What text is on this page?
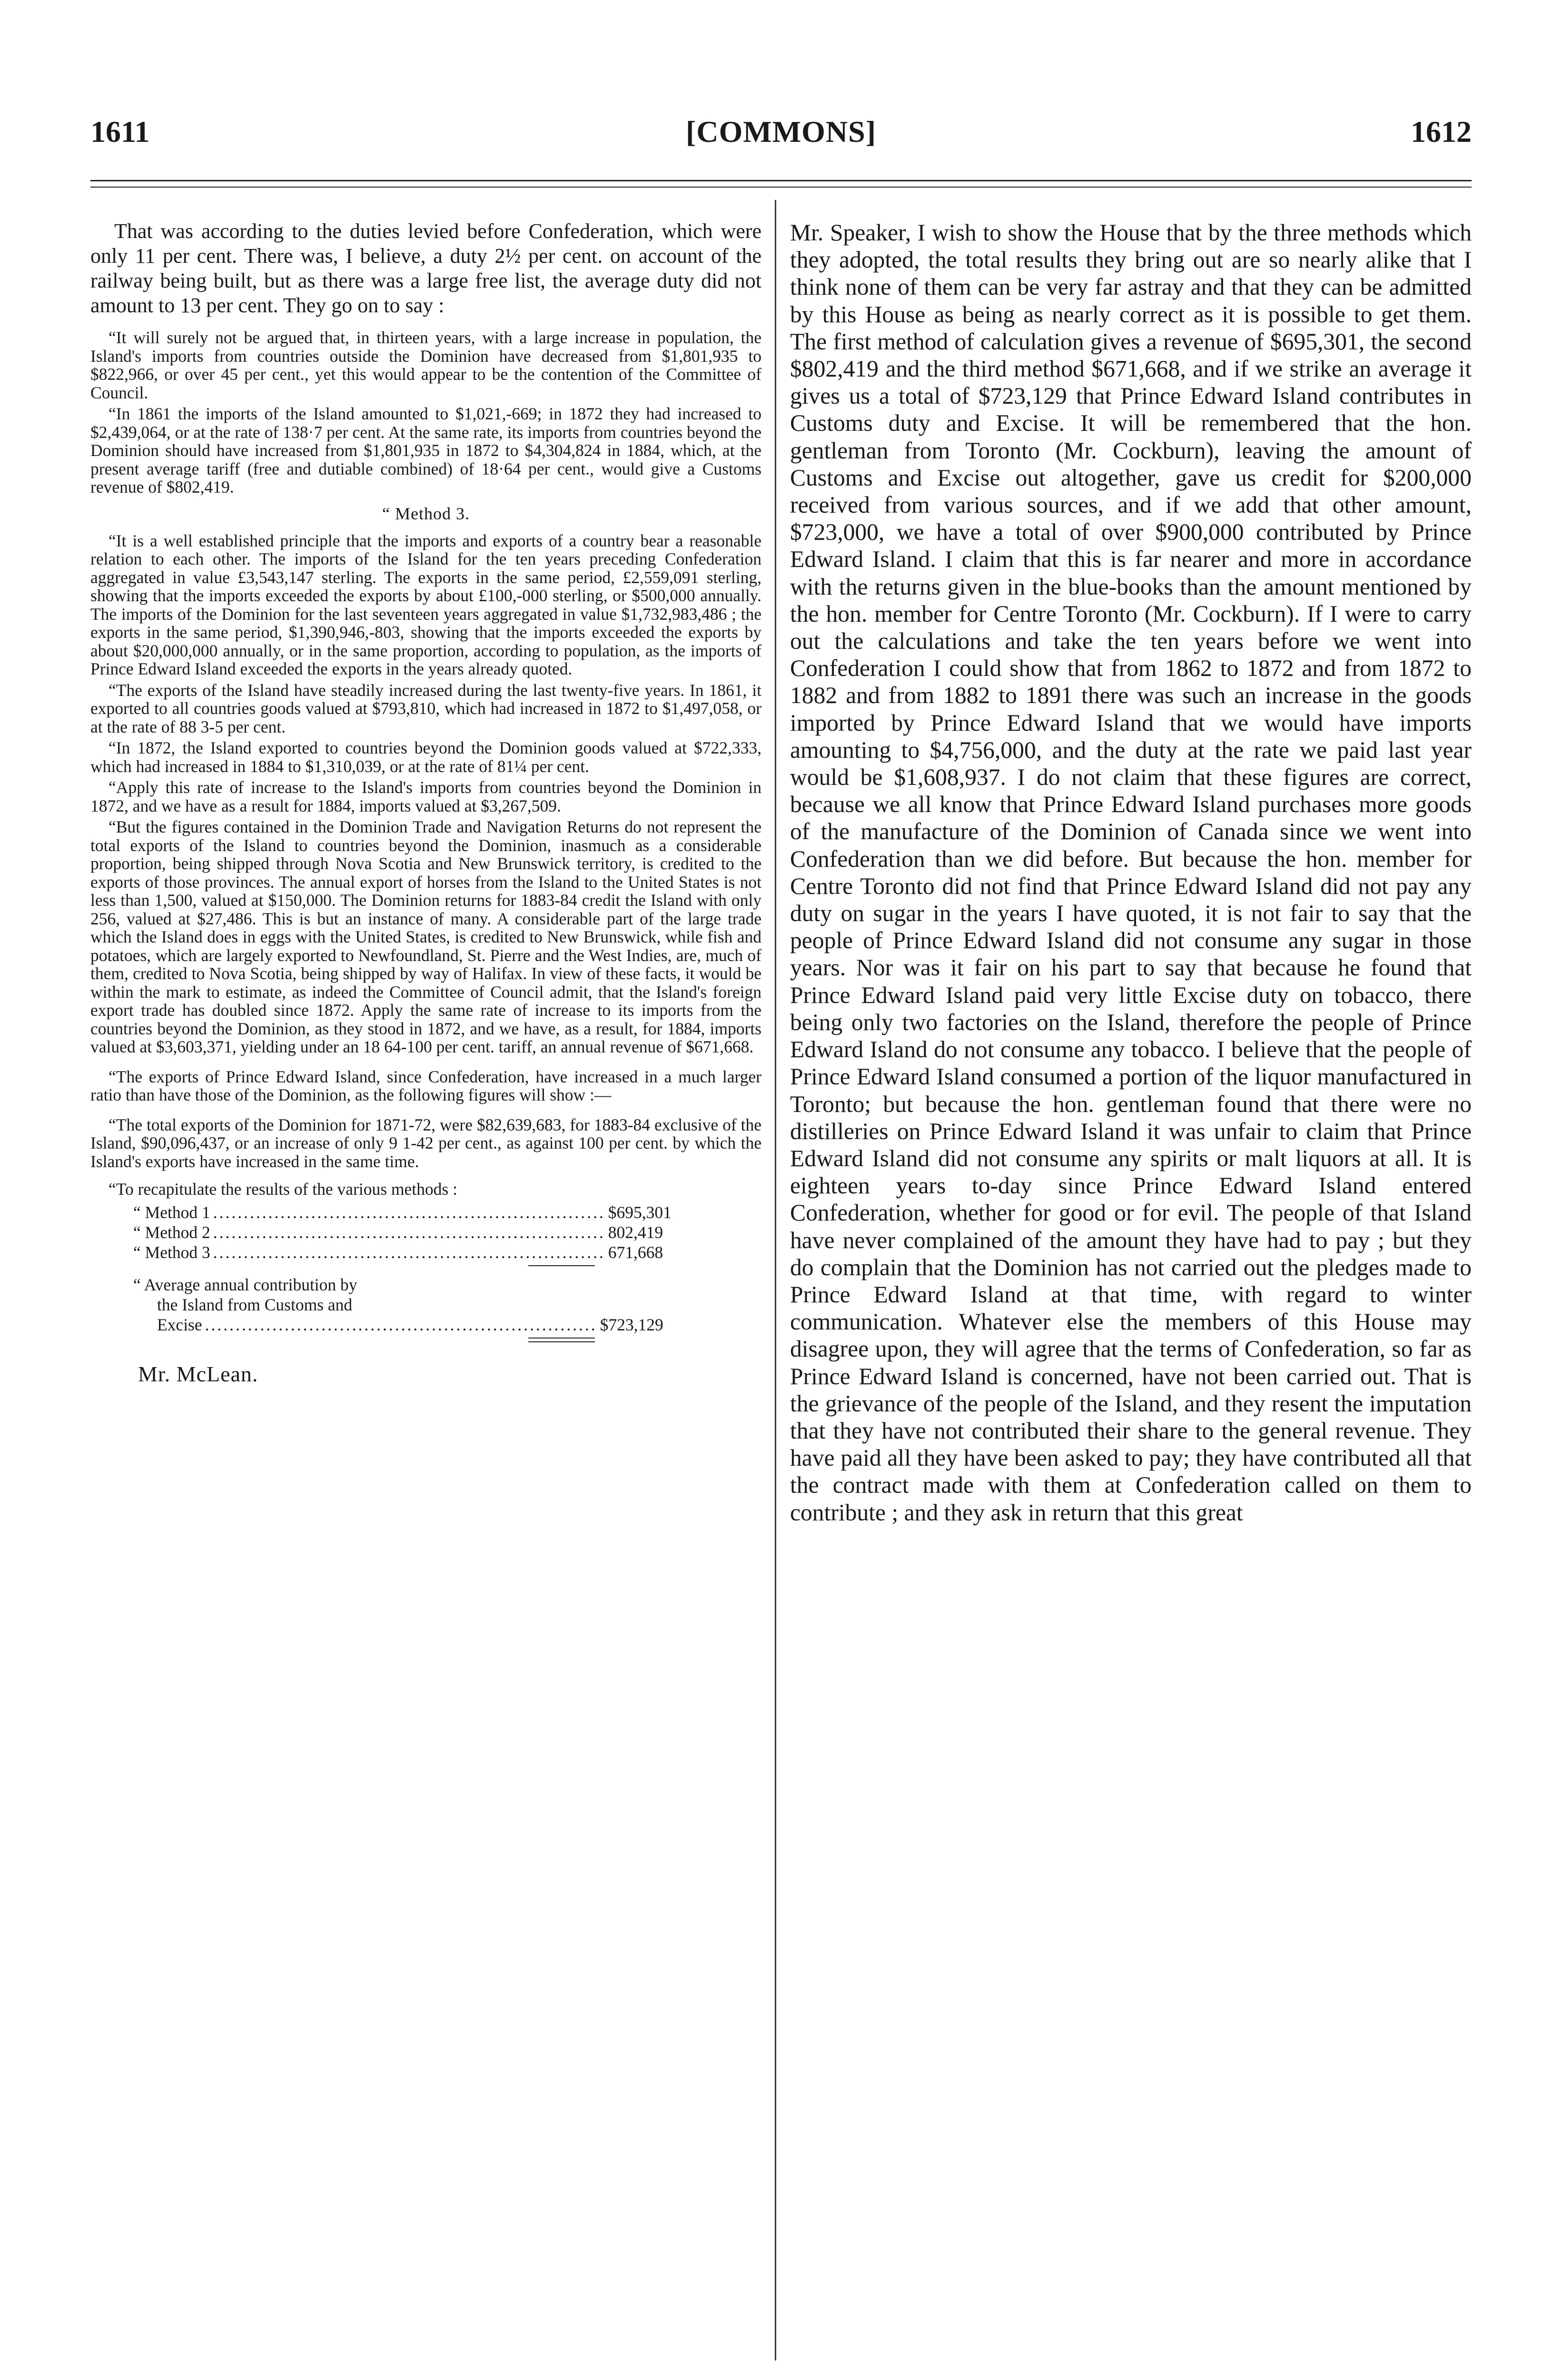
1611	[COMMONS]	1612

That was according to the duties levied before Confederation, which were only 11 per cent. There was, I believe, a duty 2½ per cent. on account of the railway being built, but as there was a large free list, the average duty did not amount to 13 per cent. They go on to say :

“It will surely not be argued that, in thirteen years, with a large increase in population, the Island's imports from countries outside the Dominion have decreased from $1,801,935 to $822,966, or over 45 per cent., yet this would appear to be the contention of the Committee of Council.

“In 1861 the imports of the Island amounted to $1,021,-669; in 1872 they had increased to $2,439,064, or at the rate of 138·7 per cent. At the same rate, its imports from countries beyond the Dominion should have increased from $1,801,935 in 1872 to $4,304,824 in 1884, which, at the present average tariff (free and dutiable combined) of 18·64 per cent., would give a Customs revenue of $802,419.

“ Method 3.

“It is a well established principle that the imports and exports of a country bear a reasonable relation to each other. The imports of the Island for the ten years preceding Confederation aggregated in value £3,543,147 sterling. The exports in the same period, £2,559,091 sterling, showing that the imports exceeded the exports by about £100,-000 sterling, or $500,000 annually. The imports of the Dominion for the last seventeen years aggregated in value $1,732,983,486 ; the exports in the same period, $1,390,946,-803, showing that the imports exceeded the exports by about $20,000,000 annually, or in the same proportion, according to population, as the imports of Prince Edward Island exceeded the exports in the years already quoted.

“The exports of the Island have steadily increased during the last twenty-five years. In 1861, it exported to all countries goods valued at $793,810, which had increased in 1872 to $1,497,058, or at the rate of 88 3-5 per cent.

“In 1872, the Island exported to countries beyond the Dominion goods valued at $722,333, which had increased in 1884 to $1,310,039, or at the rate of 81¼ per cent.

“Apply this rate of increase to the Island's imports from countries beyond the Dominion in 1872, and we have as a result for 1884, imports valued at $3,267,509.

“But the figures contained in the Dominion Trade and Navigation Returns do not represent the total exports of the Island to countries beyond the Dominion, inasmuch as a considerable proportion, being shipped through Nova Scotia and New Brunswick territory, is credited to the exports of those provinces. The annual export of horses from the Island to the United States is not less than 1,500, valued at $150,000. The Dominion returns for 1883-84 credit the Island with only 256, valued at $27,486. This is but an instance of many. A considerable part of the large trade which the Island does in eggs with the United States, is credited to New Brunswick, while fish and potatoes, which are largely exported to Newfoundland, St. Pierre and the West Indies, are, much of them, credited to Nova Scotia, being shipped by way of Halifax. In view of these facts, it would be within the mark to estimate, as indeed the Committee of Council admit, that the Island's foreign export trade has doubled since 1872. Apply the same rate of increase to its imports from the countries beyond the Dominion, as they stood in 1872, and we have, as a result, for 1884, imports valued at $3,603,371, yielding under an 18 64-100 per cent. tariff, an annual revenue of $671,668.

“The exports of Prince Edward Island, since Confederation, have increased in a much larger ratio than have those of the Dominion, as the following figures will show :—

“The total exports of the Dominion for 1871-72, were $82,639,683, for 1883-84 exclusive of the Island, $90,096,437, or an increase of only 9 1-42 per cent., as against 100 per cent. by which the Island's exports have increased in the same time.

“To recapitulate the results of the various methods :

“ Method 1 ................................................................ $695,301
“ Method 2 ................................................................ 802,419
“ Method 3 ................................................................ 671,668
“ Average annual contribution by
the Island from Customs and
Excise ................................................................ $723,129
Mr. McLean.

Mr. Speaker, I wish to show the House that by the three methods which they adopted, the total results they bring out are so nearly alike that I think none of them can be very far astray and that they can be admitted by this House as being as nearly correct as it is possible to get them. The first method of calculation gives a revenue of $695,301, the second $802,419 and the third method $671,668, and if we strike an average it gives us a total of $723,129 that Prince Edward Island contributes in Customs duty and Excise. It will be remembered that the hon. gentleman from Toronto (Mr. Cockburn), leaving the amount of Customs and Excise out altogether, gave us credit for $200,000 received from various sources, and if we add that other amount, $723,000, we have a total of over $900,000 contributed by Prince Edward Island. I claim that this is far nearer and more in accordance with the returns given in the blue-books than the amount mentioned by the hon. member for Centre Toronto (Mr. Cockburn). If I were to carry out the calculations and take the ten years before we went into Confederation I could show that from 1862 to 1872 and from 1872 to 1882 and from 1882 to 1891 there was such an increase in the goods imported by Prince Edward Island that we would have imports amounting to $4,756,000, and the duty at the rate we paid last year would be $1,608,937. I do not claim that these figures are correct, because we all know that Prince Edward Island purchases more goods of the manufacture of the Dominion of Canada since we went into Confederation than we did before. But because the hon. member for Centre Toronto did not find that Prince Edward Island did not pay any duty on sugar in the years I have quoted, it is not fair to say that the people of Prince Edward Island did not consume any sugar in those years. Nor was it fair on his part to say that because he found that Prince Edward Island paid very little Excise duty on tobacco, there being only two factories on the Island, therefore the people of Prince Edward Island do not consume any tobacco. I believe that the people of Prince Edward Island consumed a portion of the liquor manufactured in Toronto; but because the hon. gentleman found that there were no distilleries on Prince Edward Island it was unfair to claim that Prince Edward Island did not consume any spirits or malt liquors at all. It is eighteen years to-day since Prince Edward Island entered Confederation, whether for good or for evil. The people of that Island have never complained of the amount they have had to pay ; but they do complain that the Dominion has not carried out the pledges made to Prince Edward Island at that time, with regard to winter communication. Whatever else the members of this House may disagree upon, they will agree that the terms of Confederation, so far as Prince Edward Island is concerned, have not been carried out. That is the grievance of the people of the Island, and they resent the imputation that they have not contributed their share to the general revenue. They have paid all they have been asked to pay; they have contributed all that the contract made with them at Confederation called on them to contribute ; and they ask in return that this great
